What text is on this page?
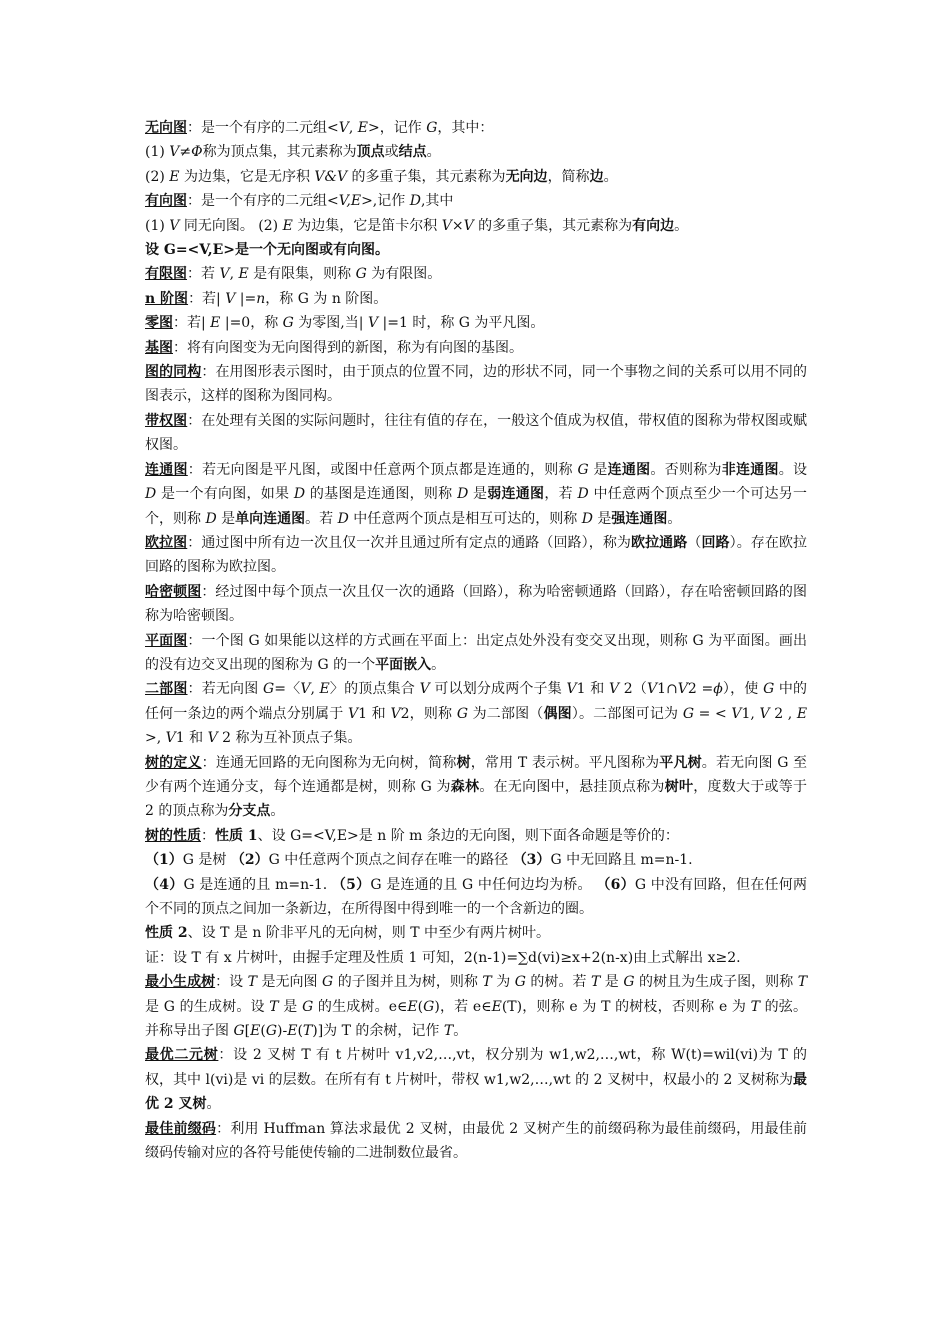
无向图：是一个有序的二元组<V, E>，记作 G，其中：

(1) V≠Φ称为顶点集，其元素称为顶点或结点。

(2) E 为边集，它是无序积 V&V 的多重子集，其元素称为无向边，简称边。

有向图：是一个有序的二元组<V,E>,记作 D,其中

(1) V 同无向图。 (2) E 为边集，它是笛卡尔积 V×V 的多重子集，其元素称为有向边。

设 G=<V,E>是一个无向图或有向图。

有限图：若 V, E 是有限集，则称 G 为有限图。

n 阶图：若| V |=n，称 G 为 n 阶图。

零图：若| E |=0，称 G 为零图,当| V |=1 时，称 G 为平凡图。

基图：将有向图变为无向图得到的新图，称为有向图的基图。

图的同构：在用图形表示图时，由于顶点的位置不同，边的形状不同，同一个事物之间的关系可以用不同的图表示，这样的图称为图同构。

带权图：在处理有关图的实际问题时，往往有值的存在，一般这个值成为权值，带权值的图称为带权图或赋权图。

连通图：若无向图是平凡图，或图中任意两个顶点都是连通的，则称 G 是连通图。否则称为非连通图。设 D 是一个有向图，如果 D 的基图是连通图，则称 D 是弱连通图，若 D 中任意两个顶点至少一个可达另一个，则称 D 是单向连通图。若 D 中任意两个顶点是相互可达的，则称 D 是强连通图。

欧拉图：通过图中所有边一次且仅一次并且通过所有定点的通路（回路），称为欧拉通路（回路）。存在欧拉回路的图称为欧拉图。

哈密顿图：经过图中每个顶点一次且仅一次的通路（回路），称为哈密顿通路（回路），存在哈密顿回路的图称为哈密顿图。

平面图：一个图 G 如果能以这样的方式画在平面上：出定点处外没有变交叉出现，则称 G 为平面图。画出的没有边交叉出现的图称为 G 的一个平面嵌入。

二部图：若无向图 G=〈V, E〉的顶点集合 V 可以划分成两个子集 V1 和 V 2（V1∩V2 =ϕ），使 G 中的任何一条边的两个端点分别属于 V1 和 V2，则称 G 为二部图（偶图）。二部图可记为 G = < V1, V 2 , E >, V1 和 V 2 称为互补顶点子集。

树的定义：连通无回路的无向图称为无向树，简称树，常用 T 表示树。平凡图称为平凡树。若无向图 G 至少有两个连通分支，每个连通都是树，则称 G 为森林。在无向图中，悬挂顶点称为树叶，度数大于或等于 2 的顶点称为分支点。

树的性质：性质 1、设 G=<V,E>是 n 阶 m 条边的无向图，则下面各命题是等价的：

（1）G 是树 （2）G 中任意两个顶点之间存在唯一的路径 （3）G 中无回路且 m=n-1.

（4）G 是连通的且 m=n-1. （5）G 是连通的且 G 中任何边均为桥。 （6）G 中没有回路，但在任何两个不同的顶点之间加一条新边，在所得图中得到唯一的一个含新边的圈。

性质 2、设 T 是 n 阶非平凡的无向树，则 T 中至少有两片树叶。

证：设 T 有 x 片树叶，由握手定理及性质 1 可知，2(n-1)=∑d(vi)≥x+2(n-x)由上式解出 x≥2.

最小生成树：设 T 是无向图 G 的子图并且为树，则称 T 为 G 的树。若 T 是 G 的树且为生成子图，则称 T 是 G 的生成树。设 T 是 G 的生成树。e∈E(G)，若 e∈E(T)，则称 e 为 T 的树枝，否则称 e 为 T 的弦。并称导出子图 G[E(G)-E(T)]为 T 的余树，记作 T。

最优二元树：设 2 叉树 T 有 t 片树叶 v1,v2,…,vt，权分别为 w1,w2,…,wt，称 W(t)=wil(vi)为 T 的权，其中 l(vi)是 vi 的层数。在所有有 t 片树叶，带权 w1,w2,…,wt 的 2 叉树中，权最小的 2 叉树称为最优 2 叉树。

最佳前缀码：利用 Huffman 算法求最优 2 叉树，由最优 2 叉树产生的前缀码称为最佳前缀码，用最佳前缀码传输对应的各符号能使传输的二进制数位最省。
